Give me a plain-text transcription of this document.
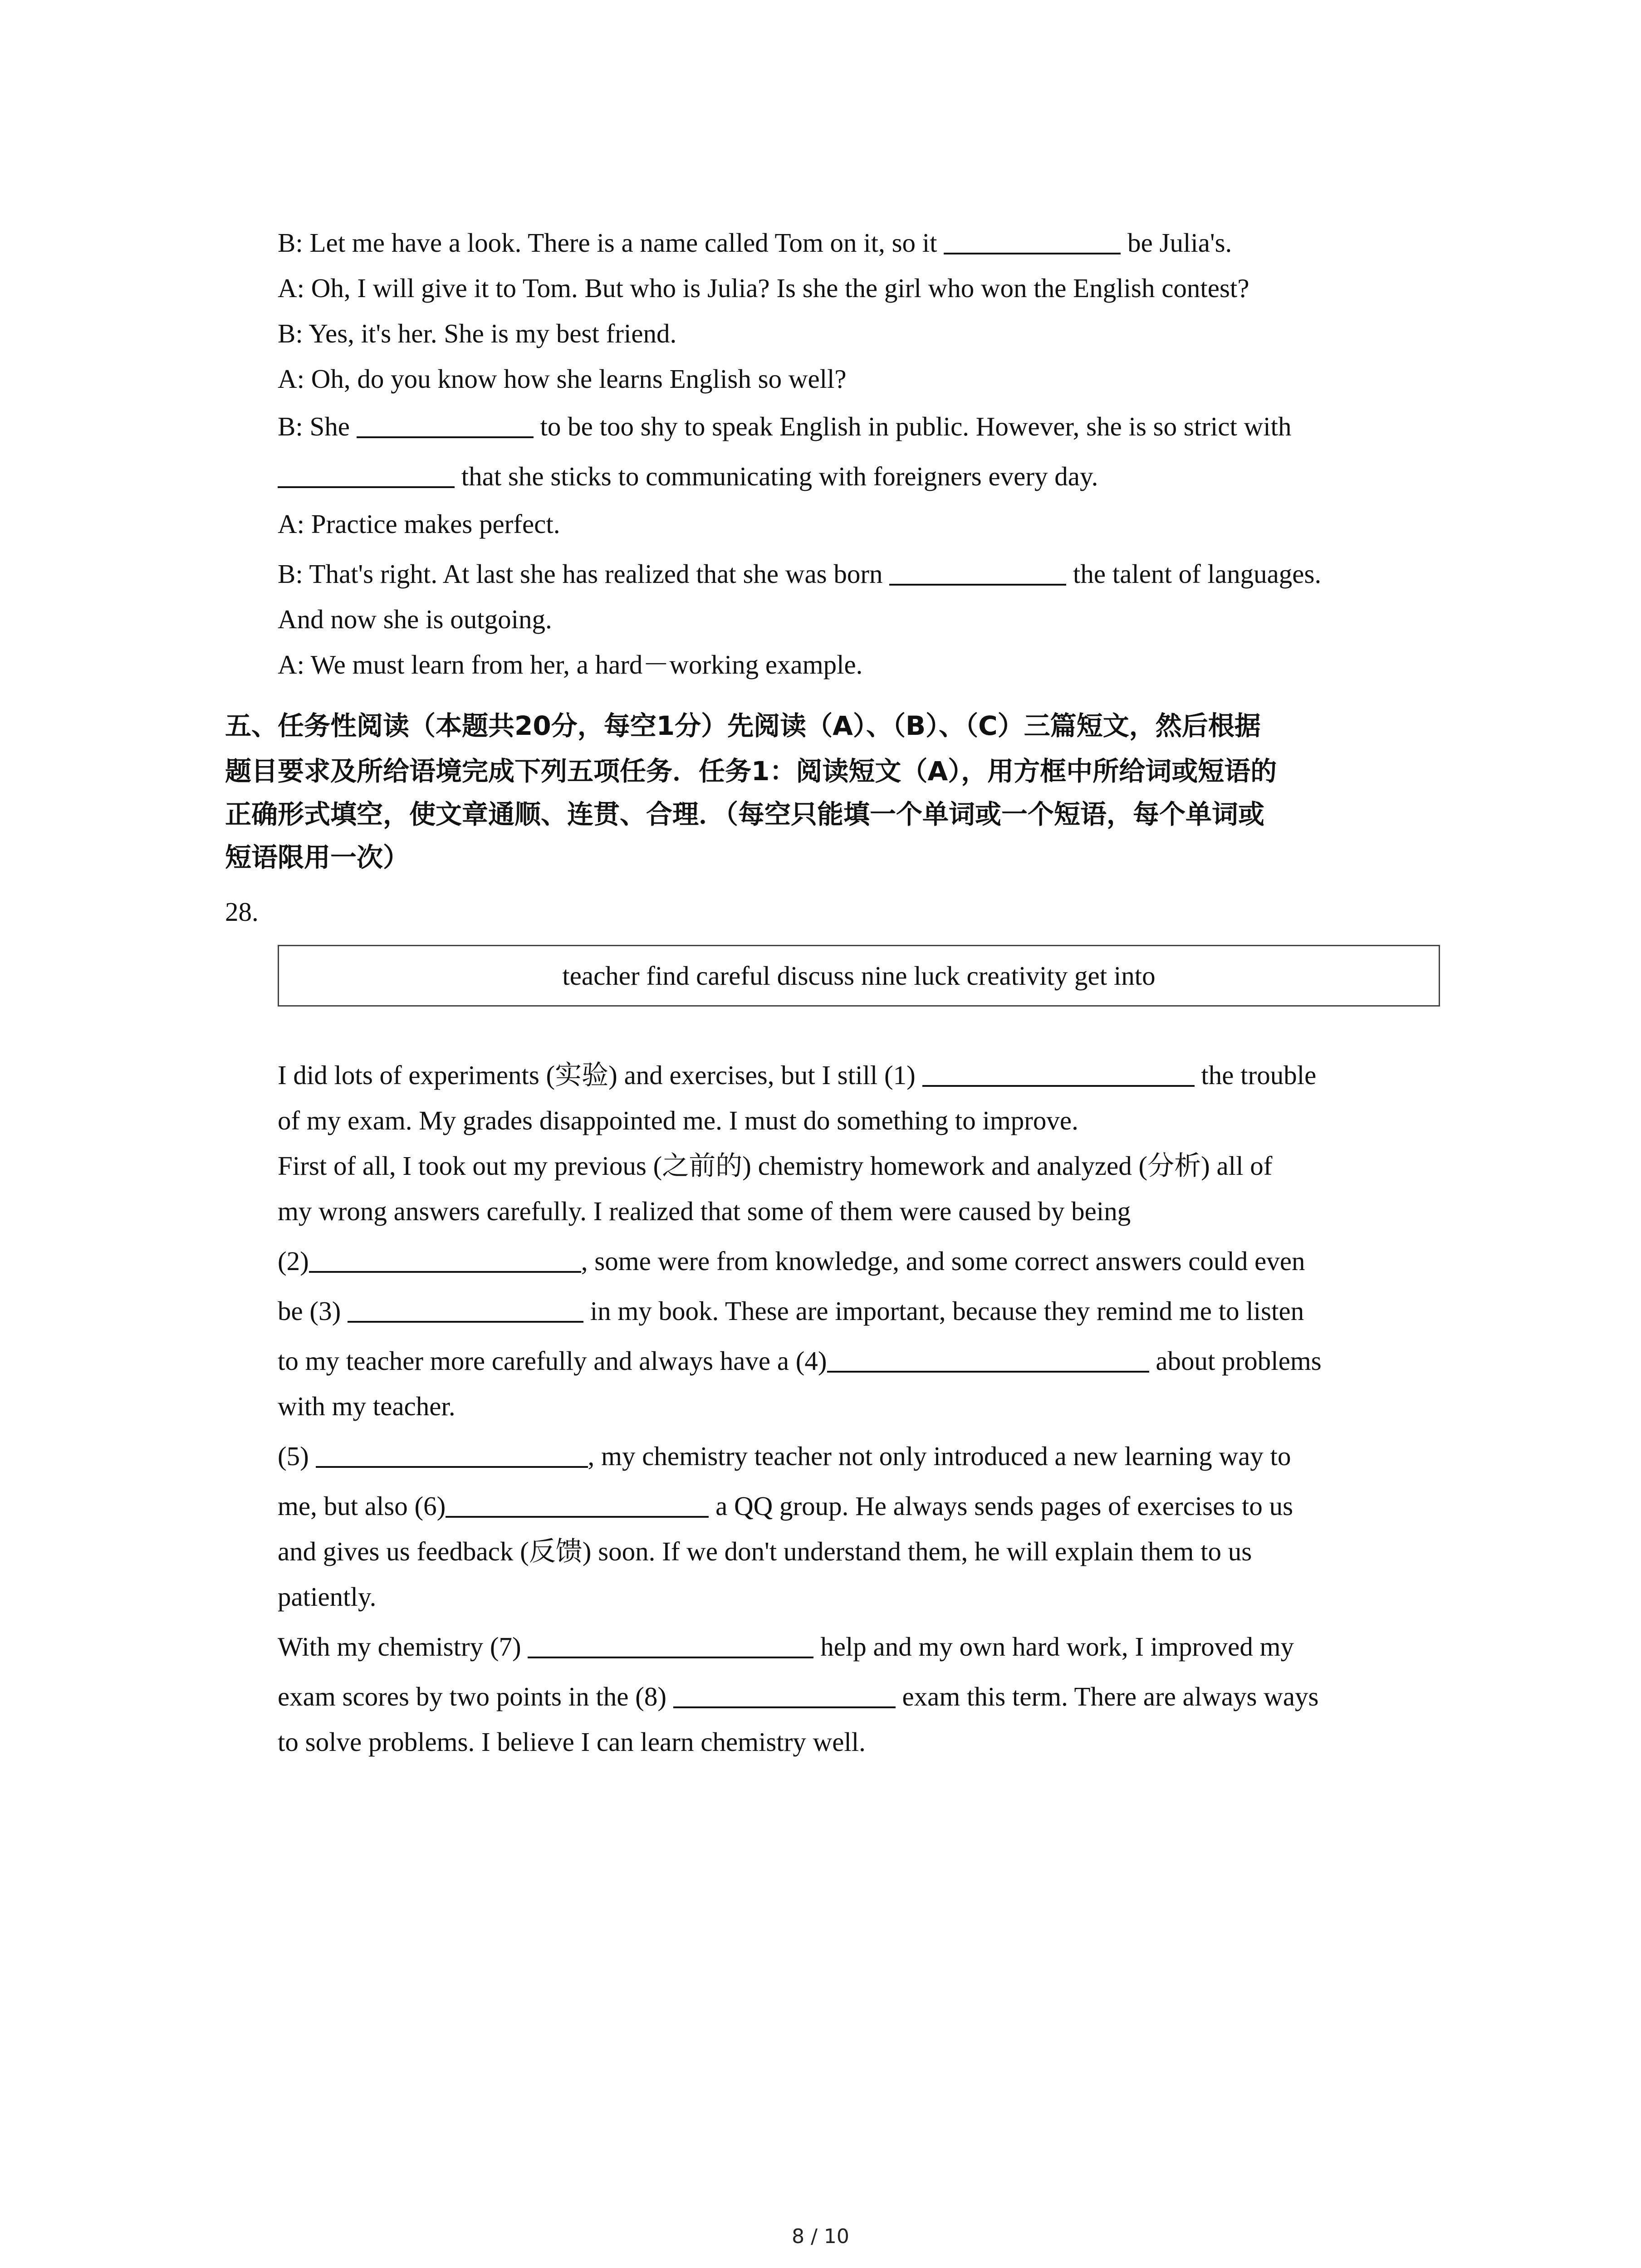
B: Let me have a look. There is a name called Tom on it, so it	be Julia's.
A: Oh, I will give it to Tom. But who is Julia? Is she the girl who won the English contest?
B: Yes, it's her. She is my best friend.
A: Oh, do you know how she learns English so well?
B: She	to be too shy to speak English in public. However, she is so strict with
that she sticks to communicating with foreigners every day.
A: Practice makes perfect.
B: That's right. At last she has realized that she was born	the talent of languages.
And now she is outgoing.
A: We must learn from her, a hard－working example.
五、任务性阅读（本题共20分，每空1分）先阅读（A）、（B）、（C）三篇短文，然后根据
题目要求及所给语境完成下列五项任务．任务1：阅读短文（A），用方框中所给词或短语的
正确形式填空，使文章通顺、连贯、合理．（每空只能填一个单词或一个短语，每个单词或
短语限用一次）
28.
teacher find careful discuss nine luck creativity get into
I did lots of experiments (实验) and exercises, but I still (1)	the trouble
of my exam. My grades disappointed me. I must do something to improve.
First of all, I took out my previous (之前的) chemistry homework and analyzed (分析) all of
my wrong answers carefully. I realized that some of them were caused by being
(2)	, some were from knowledge, and some correct answers could even
be (3)	in my book. These are important, because they remind me to listen
to my teacher more carefully and always have a (4)	about problems
with my teacher.
(5)	, my chemistry teacher not only introduced a new learning way to
me, but also (6)	a QQ group. He always sends pages of exercises to us
and gives us feedback (反馈) soon. If we don't understand them, he will explain them to us
patiently.
With my chemistry (7)	help and my own hard work, I improved my
exam scores by two points in the (8)	exam this term. There are always ways
to solve problems. I believe I can learn chemistry well.
8 / 10
